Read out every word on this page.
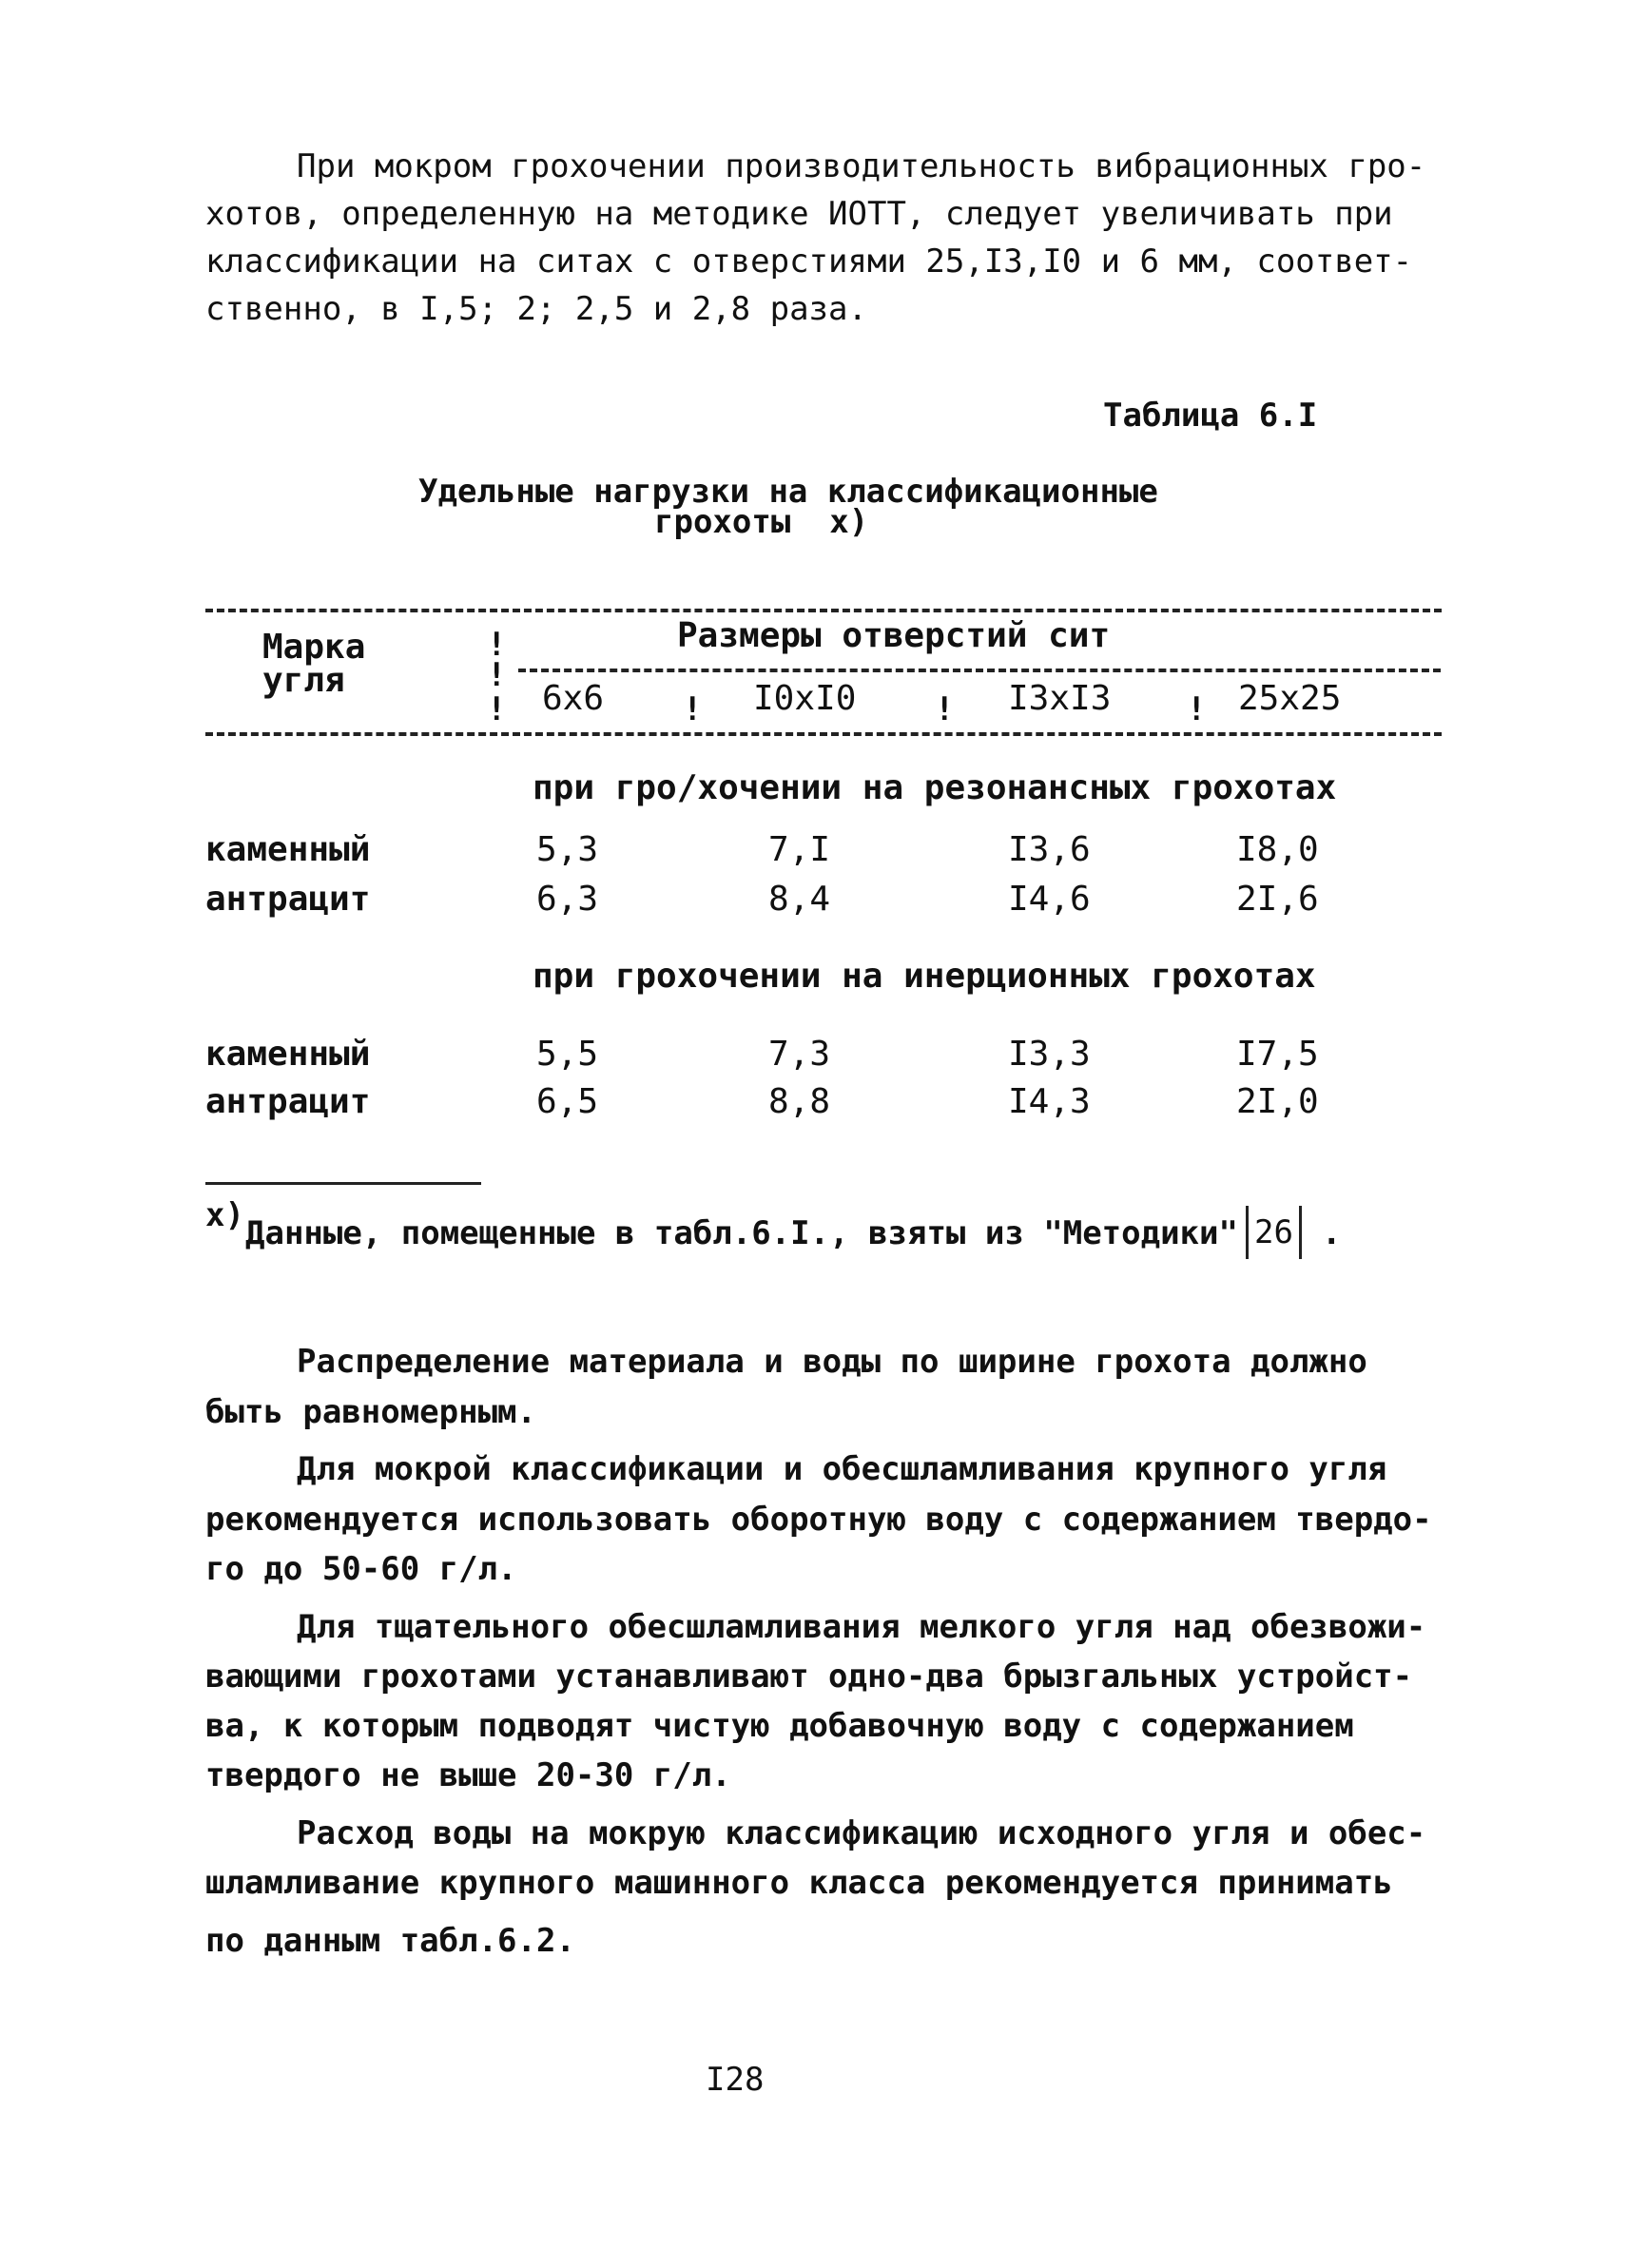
При мокром грохочении производительность вибрационных гро-
хотов, определенную на методике ИОТТ, следует увеличивать при
классификации на ситах с отверстиями 25,I3,I0 и 6 мм, соответ-
ственно, в I,5; 2; 2,5 и 2,8 раза.
Таблица 6.I
Удельные нагрузки на классификационные
грохоты  х)
Марка
угля
!
!
!
Размеры отверстий сит
6х6 ! I0хI0 ! I3хI3 ! 25х25
при гро/хочении на резонансных грохотах
каменный	5,3	7,I	I3,6	I8,0
антрацит	6,3	8,4	I4,6	2I,6
при грохочении на инерционных грохотах
каменный	5,5	7,3	I3,3	I7,5
антрацит	6,5	8,8	I4,3	2I,0
х) Данные, помещенные в табл.6.I., взяты из "Методики" 26 .
Распределение материала и воды по ширине грохота должно
быть равномерным.
Для мокрой классификации и обесшламливания крупного угля
рекомендуется использовать оборотную воду с содержанием твердо-
го до 50-60 г/л.
Для тщательного обесшламливания мелкого угля над обезвожи-
вающими грохотами устанавливают одно-два брызгальных устройст-
ва, к которым подводят чистую добавочную воду с содержанием
твердого не выше 20-30 г/л.
Расход воды на мокрую классификацию исходного угля и обес-
шламливание крупного машинного класса рекомендуется принимать
по данным табл.6.2.
I28
